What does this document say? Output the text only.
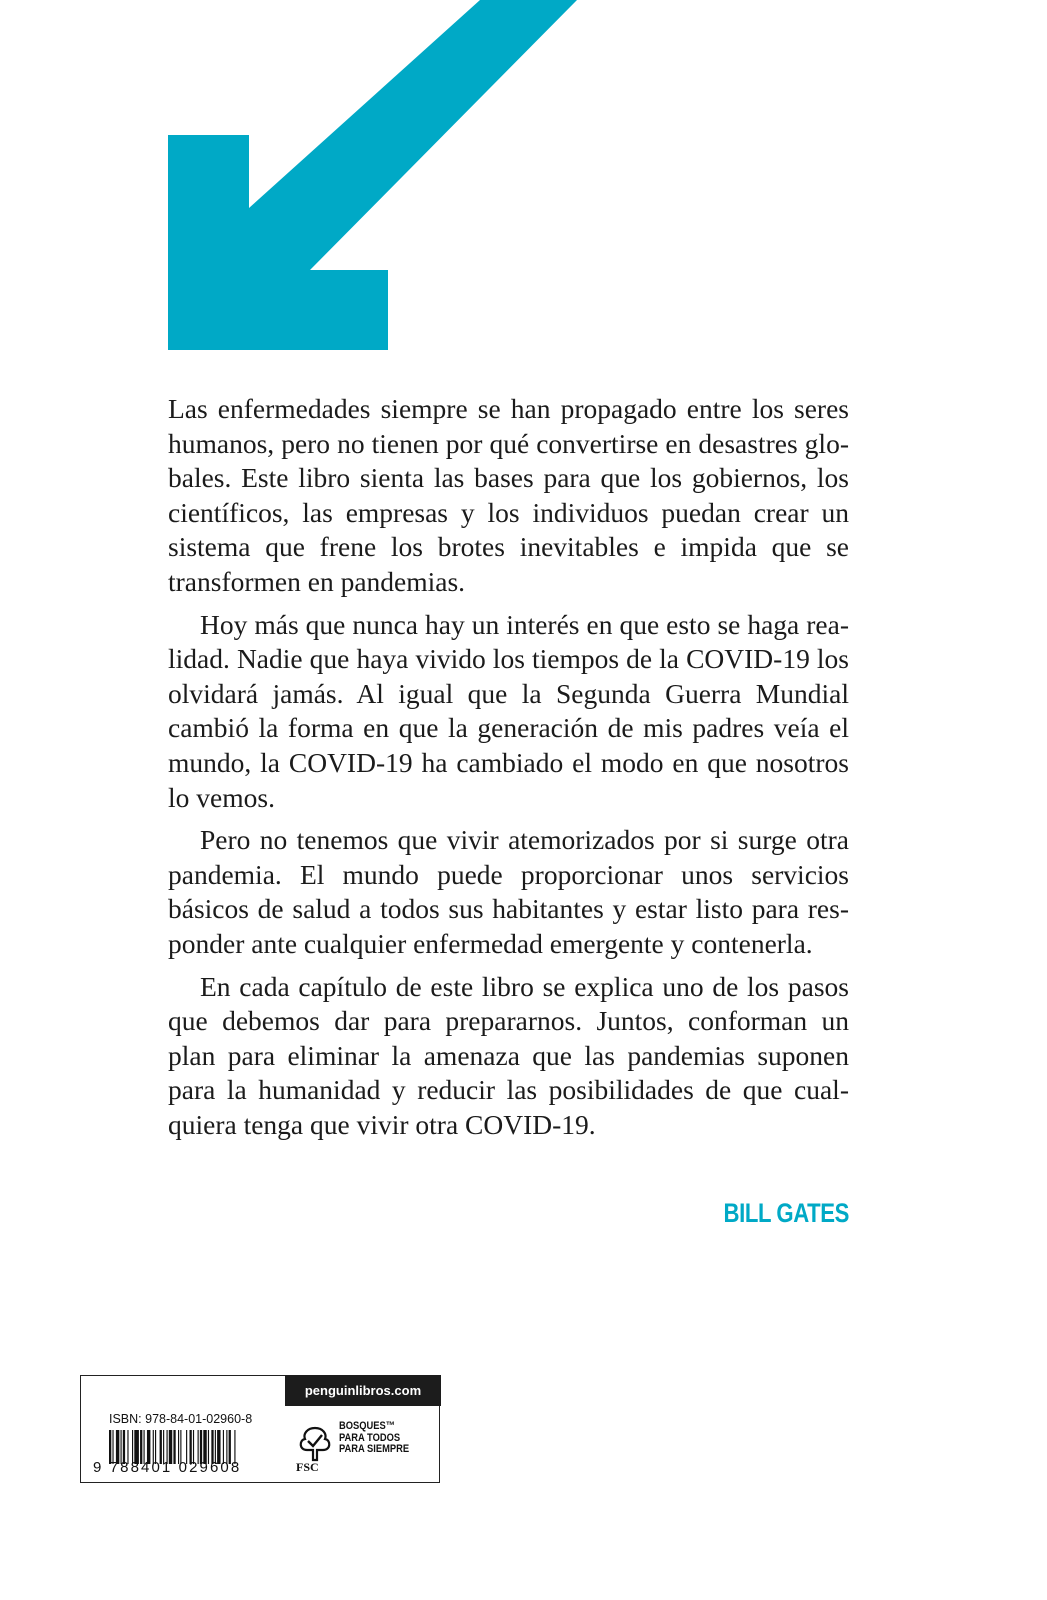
Las enfermedades siempre se han propagado entre los seres humanos, pero no tienen por qué convertirse en desastres globales. Este libro sienta las bases para que los gobiernos, los científicos, las empresas y los individuos puedan crear un sistema que frene los brotes inevitables e impida que se transformen en pandemias.

Hoy más que nunca hay un interés en que esto se haga realidad. Nadie que haya vivido los tiempos de la COVID-19 los olvidará jamás. Al igual que la Segunda Guerra Mundial cambió la forma en que la generación de mis padres veía el mundo, la COVID-19 ha cambiado el modo en que nosotros lo vemos.

Pero no tenemos que vivir atemorizados por si surge otra pandemia. El mundo puede proporcionar unos servicios básicos de salud a todos sus habitantes y estar listo para responder ante cualquier enfermedad emergente y contenerla.

En cada capítulo de este libro se explica uno de los pasos que debemos dar para prepararnos. Juntos, conforman un plan para eliminar la amenaza que las pandemias suponen para la humanidad y reducir las posibilidades de que cualquiera tenga que vivir otra COVID-19.

BILL GATES
ISBN: 978-84-01-02960-8
9 788401 029608
penguinlibros.com
FSC
BOSQUES™
PARA TODOS
PARA SIEMPRE
